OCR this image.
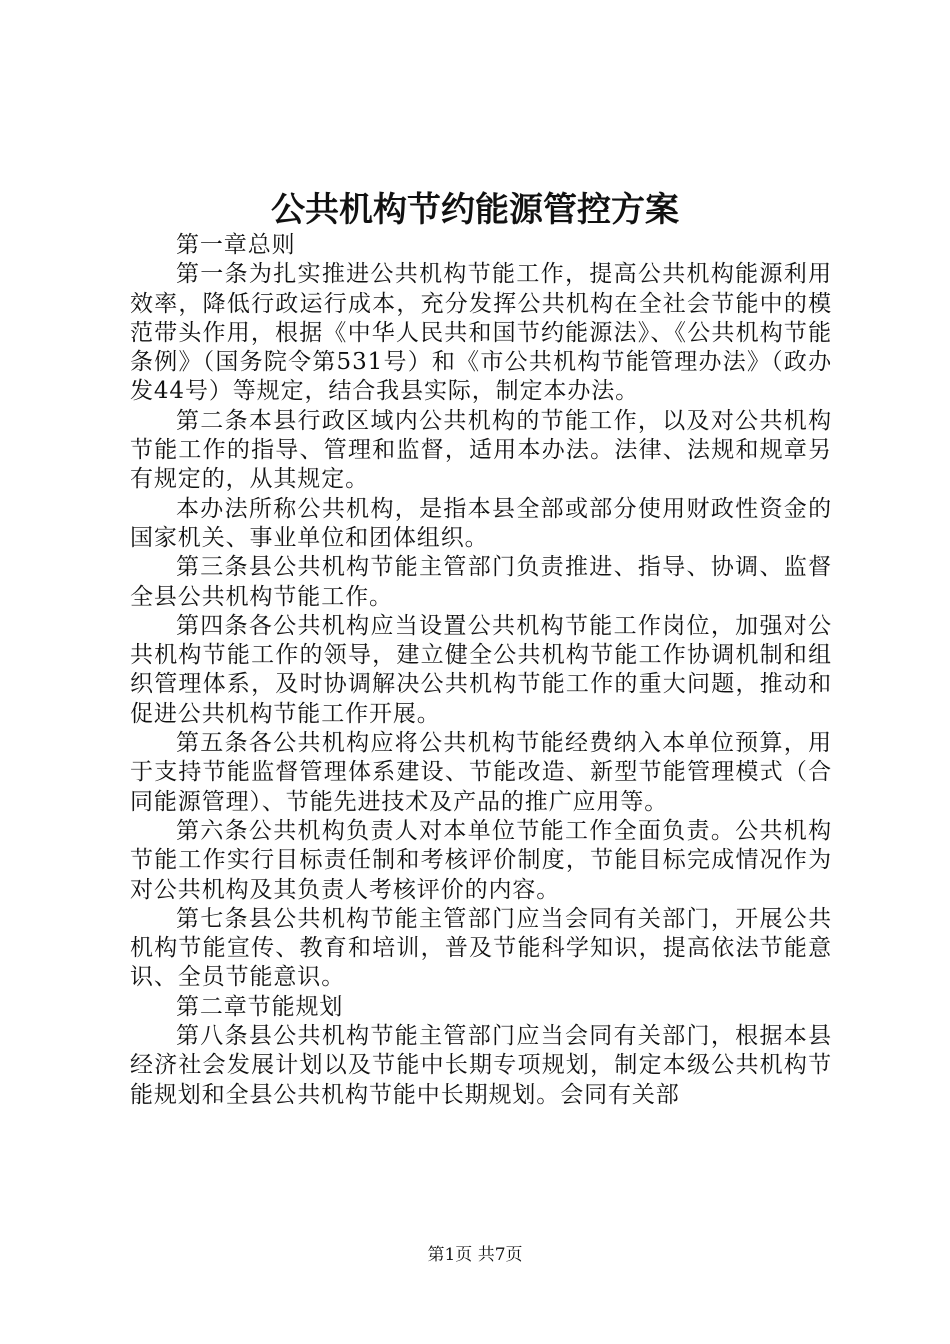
公共机构节约能源管控方案

第一章总则

第一条为扎实推进公共机构节能工作，提高公共机构能源利用效率，降低行政运行成本，充分发挥公共机构在全社会节能中的模范带头作用，根据《中华人民共和国节约能源法》、《公共机构节能条例》（国务院令第531号）和《市公共机构节能管理办法》（政办发44号）等规定，结合我县实际，制定本办法。

第二条本县行政区域内公共机构的节能工作，以及对公共机构节能工作的指导、管理和监督，适用本办法。法律、法规和规章另有规定的，从其规定。

本办法所称公共机构，是指本县全部或部分使用财政性资金的国家机关、事业单位和团体组织。

第三条县公共机构节能主管部门负责推进、指导、协调、监督全县公共机构节能工作。

第四条各公共机构应当设置公共机构节能工作岗位，加强对公共机构节能工作的领导，建立健全公共机构节能工作协调机制和组织管理体系，及时协调解决公共机构节能工作的重大问题，推动和促进公共机构节能工作开展。

第五条各公共机构应将公共机构节能经费纳入本单位预算，用于支持节能监督管理体系建设、节能改造、新型节能管理模式（合同能源管理）、节能先进技术及产品的推广应用等。

第六条公共机构负责人对本单位节能工作全面负责。公共机构节能工作实行目标责任制和考核评价制度，节能目标完成情况作为对公共机构及其负责人考核评价的内容。

第七条县公共机构节能主管部门应当会同有关部门，开展公共机构节能宣传、教育和培训，普及节能科学知识，提高依法节能意识、全员节能意识。

第二章节能规划

第八条县公共机构节能主管部门应当会同有关部门，根据本县经济社会发展计划以及节能中长期专项规划，制定本级公共机构节能规划和全县公共机构节能中长期规划。会同有关部

第1页 共7页
